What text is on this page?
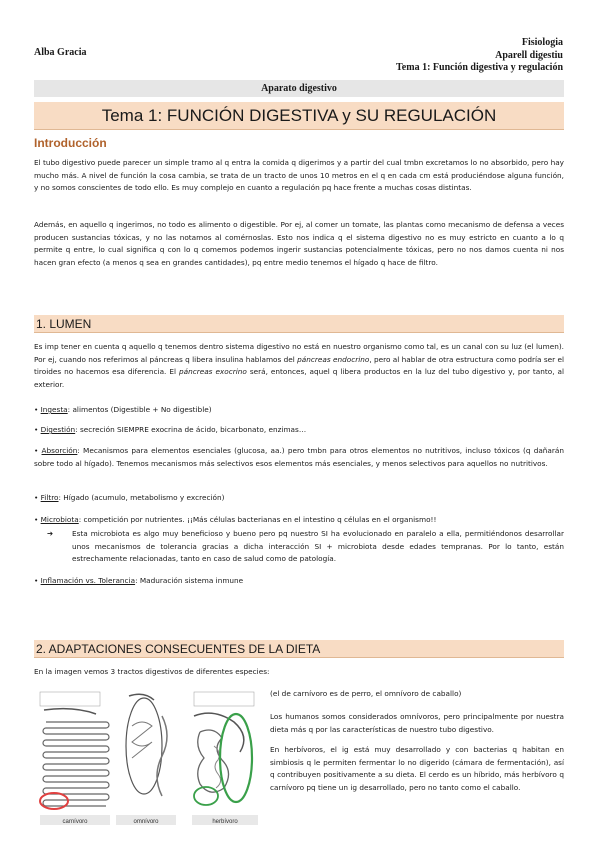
Alba Gracia
Fisiologia
Aparell digestiu
Tema 1: Función digestiva y regulación
Aparato digestivo
Tema 1: FUNCIÓN DIGESTIVA y SU REGULACIÓN
Introducción

El tubo digestivo puede parecer un simple tramo al q entra la comida q digerimos y a partir del cual tmbn excretamos lo no absorbido, pero hay mucho más. A nivel de función la cosa cambia, se trata de un tracto de unos 10 metros en el q en cada cm está produciéndose alguna función, y no somos conscientes de todo ello. Es muy complejo en cuanto a regulación pq hace frente a muchas cosas distintas.

Además, en aquello q ingerimos, no todo es alimento o digestible. Por ej, al comer un tomate, las plantas como mecanismo de defensa a veces producen sustancias tóxicas, y no las notamos al comérnoslas. Esto nos indica q el sistema digestivo no es muy estricto en cuanto a lo q permite q entre, lo cual significa q con lo q comemos podemos ingerir sustancias potencialmente tóxicas, pero no nos damos cuenta ni nos hacen gran efecto (a menos q sea en grandes cantidades), pq entre medio tenemos el hígado q hace de filtro.

1. LUMEN

Es imp tener en cuenta q aquello q tenemos dentro sistema digestivo no está en nuestro organismo como tal, es un canal con su luz (el lumen). Por ej, cuando nos referimos al páncreas q libera insulina hablamos del páncreas endocrino, pero al hablar de otra estructura como podría ser el tiroides no hacemos esa diferencia. El páncreas exocrino será, entonces, aquel q libera productos en la luz del tubo digestivo y, por tanto, al exterior.

• Ingesta: alimentos (Digestible + No digestible)
• Digestión: secreción SIEMPRE exocrina de ácido, bicarbonato, enzimas…
• Absorción: Mecanismos para elementos esenciales (glucosa, aa.) pero tmbn para otros elementos no nutritivos, incluso tóxicos (q dañarán sobre todo al hígado). Tenemos mecanismos más selectivos esos elementos más esenciales, y menos selectivos para aquellos no nutritivos.
• Filtro: Hígado (acumulo, metabolismo y excreción)
• Microbiota: competición por nutrientes. ¡¡Más células bacterianas en el intestino q células en el organismo!!
➔	Esta microbiota es algo muy beneficioso y bueno pero pq nuestro SI ha evolucionado en paralelo a ella, permitiéndonos desarrollar unos mecanismos de tolerancia gracias a dicha interacción SI + microbiota desde edades tempranas. Por lo tanto, están estrechamente relacionadas, tanto en caso de salud como de patología.
• Inflamación vs. Tolerancia: Maduración sistema inmune
2. ADAPTACIONES CONSECUENTES DE LA DIETA
En la imagen vemos 3 tractos digestivos de diferentes especies:
carnívoro	omnívoro	herbívoro

(el de carnívoro es de perro, el omnívoro de caballo)

Los humanos somos considerados omnívoros, pero principalmente por nuestra dieta más q por las características de nuestro tubo digestivo.

En herbívoros, el ig está muy desarrollado y con bacterias q habitan en simbiosis q le permiten fermentar lo no digerido (cámara de fermentación), así q contribuyen positivamente a su dieta. El cerdo es un híbrido, más herbívoro q carnívoro pq tiene un ig desarrollado, pero no tanto como el caballo.
